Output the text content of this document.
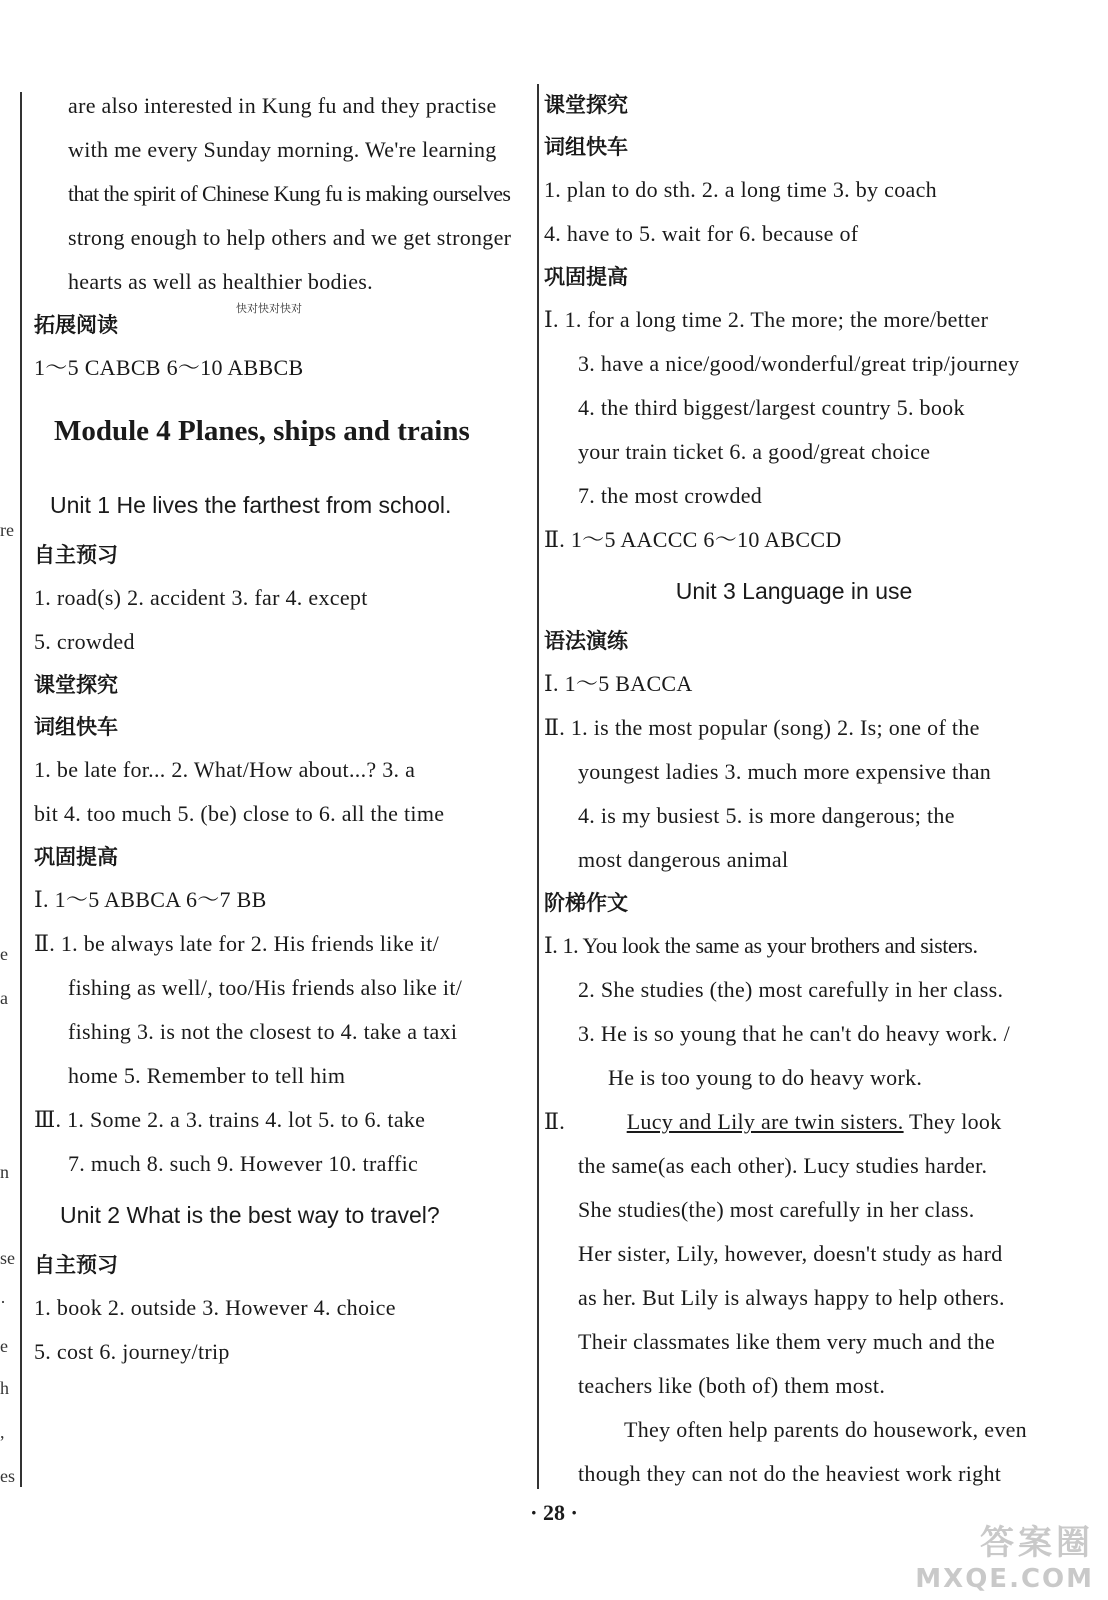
re
e
a
n
se
·
e
h
,
es
快对快对快对
are also interested in Kung fu and they practise
with me every Sunday morning. We're learning
that the spirit of Chinese Kung fu is making ourselves
strong enough to help others and we get stronger
hearts as well as healthier bodies.
拓展阅读
1～5 CABCB 6～10 ABBCB
Module 4 Planes, ships and trains
Unit 1 He lives the farthest from school.
自主预习
1. road(s) 2. accident 3. far 4. except
5. crowded
课堂探究
词组快车
1. be late for... 2. What/How about...? 3. a
bit 4. too much 5. (be) close to 6. all the time
巩固提高
Ⅰ. 1～5 ABBCA 6～7 BB
Ⅱ. 1. be always late for 2. His friends like it/
fishing as well/, too/His friends also like it/
fishing 3. is not the closest to 4. take a taxi
home 5. Remember to tell him
Ⅲ. 1. Some 2. a 3. trains 4. lot 5. to 6. take
7. much 8. such 9. However 10. traffic
Unit 2 What is the best way to travel?
自主预习
1. book 2. outside 3. However 4. choice
5. cost 6. journey/trip
课堂探究
词组快车
1. plan to do sth. 2. a long time 3. by coach
4. have to 5. wait for 6. because of
巩固提高
Ⅰ. 1. for a long time 2. The more; the more/better
3. have a nice/good/wonderful/great trip/journey
4. the third biggest/largest country 5. book
your train ticket 6. a good/great choice
7. the most crowded
Ⅱ. 1～5 AACCC 6～10 ABCCD
Unit 3 Language in use
语法演练
Ⅰ. 1～5 BACCA
Ⅱ. 1. is the most popular (song) 2. Is; one of the
youngest ladies 3. much more expensive than
4. is my busiest 5. is more dangerous; the
most dangerous animal
阶梯作文
Ⅰ. 1. You look the same as your brothers and sisters.
2. She studies (the) most carefully in her class.
3. He is so young that he can't do heavy work. /
He is too young to do heavy work.
Ⅱ.	Lucy and Lily are twin sisters. They look
the same(as each other). Lucy studies harder.
She studies(the) most carefully in her class.
Her sister, Lily, however, doesn't study as hard
as her. But Lily is always happy to help others.
Their classmates like them very much and the
teachers like (both of) them most.
They often help parents do housework, even
though they can not do the heaviest work right
· 28 ·
答案圈
MXQE.COM
